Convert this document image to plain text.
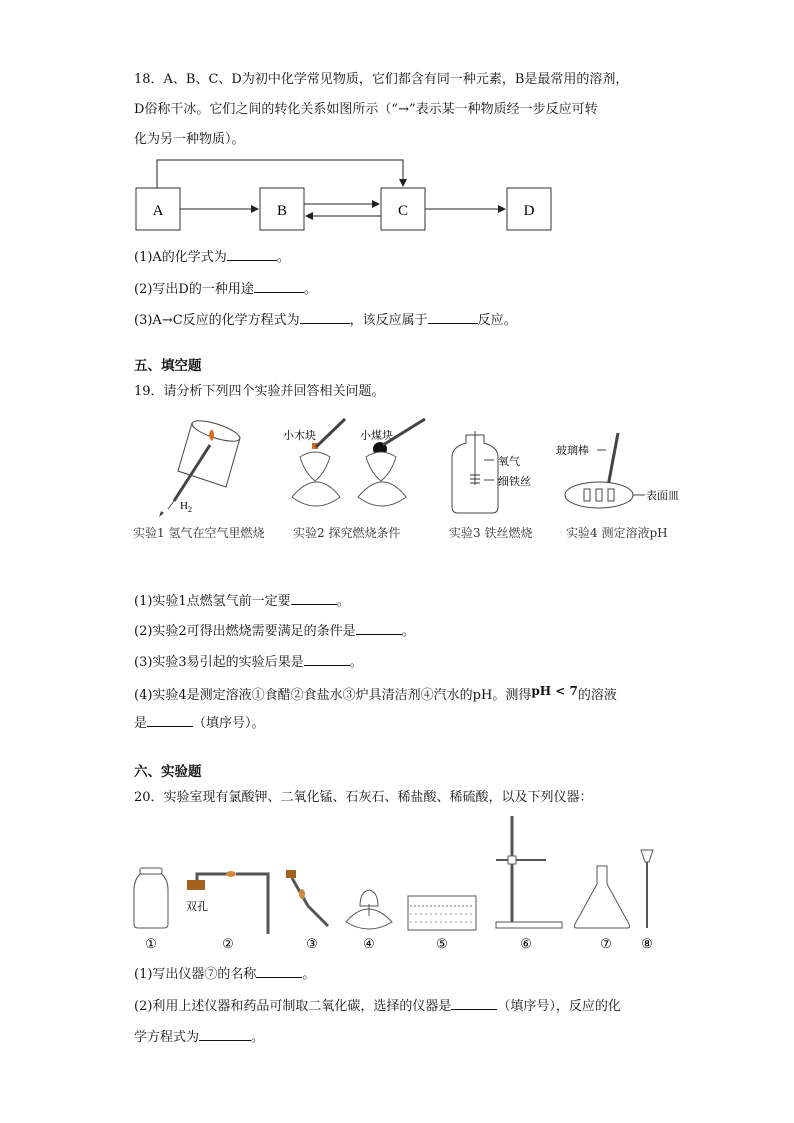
18．A、B、C、D为初中化学常见物质，它们都含有同一种元素，B是最常用的溶剂，
D俗称干冰。它们之间的转化关系如图所示（“→”表示某一种物质经一步反应可转
化为另一种物质）。
A	B	C	D
(1)A的化学式为	。
(2)写出D的一种用途	。
(3)A→C反应的化学方程式为	，该反应属于	反应。
五、填空题
19．请分析下列四个实验并回答相关问题。
$H_2$
小木块	小煤块
氧气
细铁丝
玻璃棒
表面皿
实验1 氢气在空气里燃烧 实验2 探究燃烧条件	实验3 铁丝燃烧	实验4 测定溶液pH
(1)实验1点燃氢气前一定要	。
(2)实验2可得出燃烧需要满足的条件是	。
(3)实验3易引起的实验后果是	。
(4)实验4是测定溶液①食醋②食盐水③炉具清洁剂④汽水的pH。测得pH < 7的溶液
是	（填序号）。
六、实验题
20．实验室现有氯酸钾、二氧化锰、石灰石、稀盐酸、稀硫酸，以及下列仪器：
双孔
①	②	③	④	⑤	⑥	⑦ ⑧
(1)写出仪器⑦的名称	。
(2)利用上述仪器和药品可制取二氧化碳，选择的仪器是	（填序号），反应的化
学方程式为	。
